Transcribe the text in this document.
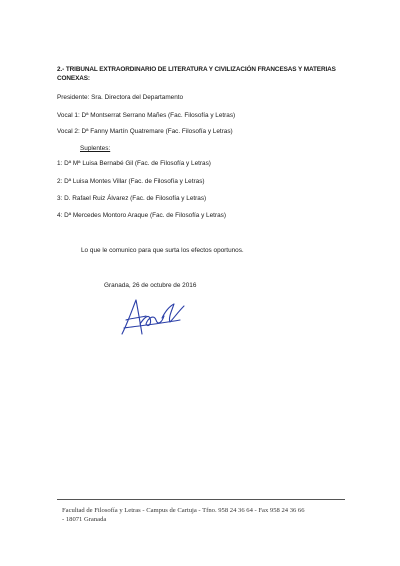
2.- TRIBUNAL EXTRAORDINARIO DE LITERATURA Y CIVILIZACIÓN FRANCESAS Y MATERIAS
CONEXAS:
Presidente: Sra. Directora del Departamento
Vocal 1: Dª Montserrat Serrano Mañes (Fac. Filosofía y Letras)
Vocal 2: Dª Fanny Martín Quatremare (Fac. Filosofía y Letras)
Suplentes:
1: Dª Mª Luisa Bernabé Gil (Fac. de Filosofía y Letras)
2: Dª Luisa Montes Villar (Fac. de Filosofía y Letras)
3: D. Rafael Ruiz Álvarez (Fac. de Filosofía y Letras)
4: Dª Mercedes Montoro Araque (Fac. de Filosofía y Letras)
Lo que le comunico para que surta los efectos oportunos.
Granada, 26 de octubre de 2016
Facultad de Filosofía y Letras - Campus de Cartuja - Tfno. 958 24 36 64 - Fax 958 24 36 66
- 18071 Granada
